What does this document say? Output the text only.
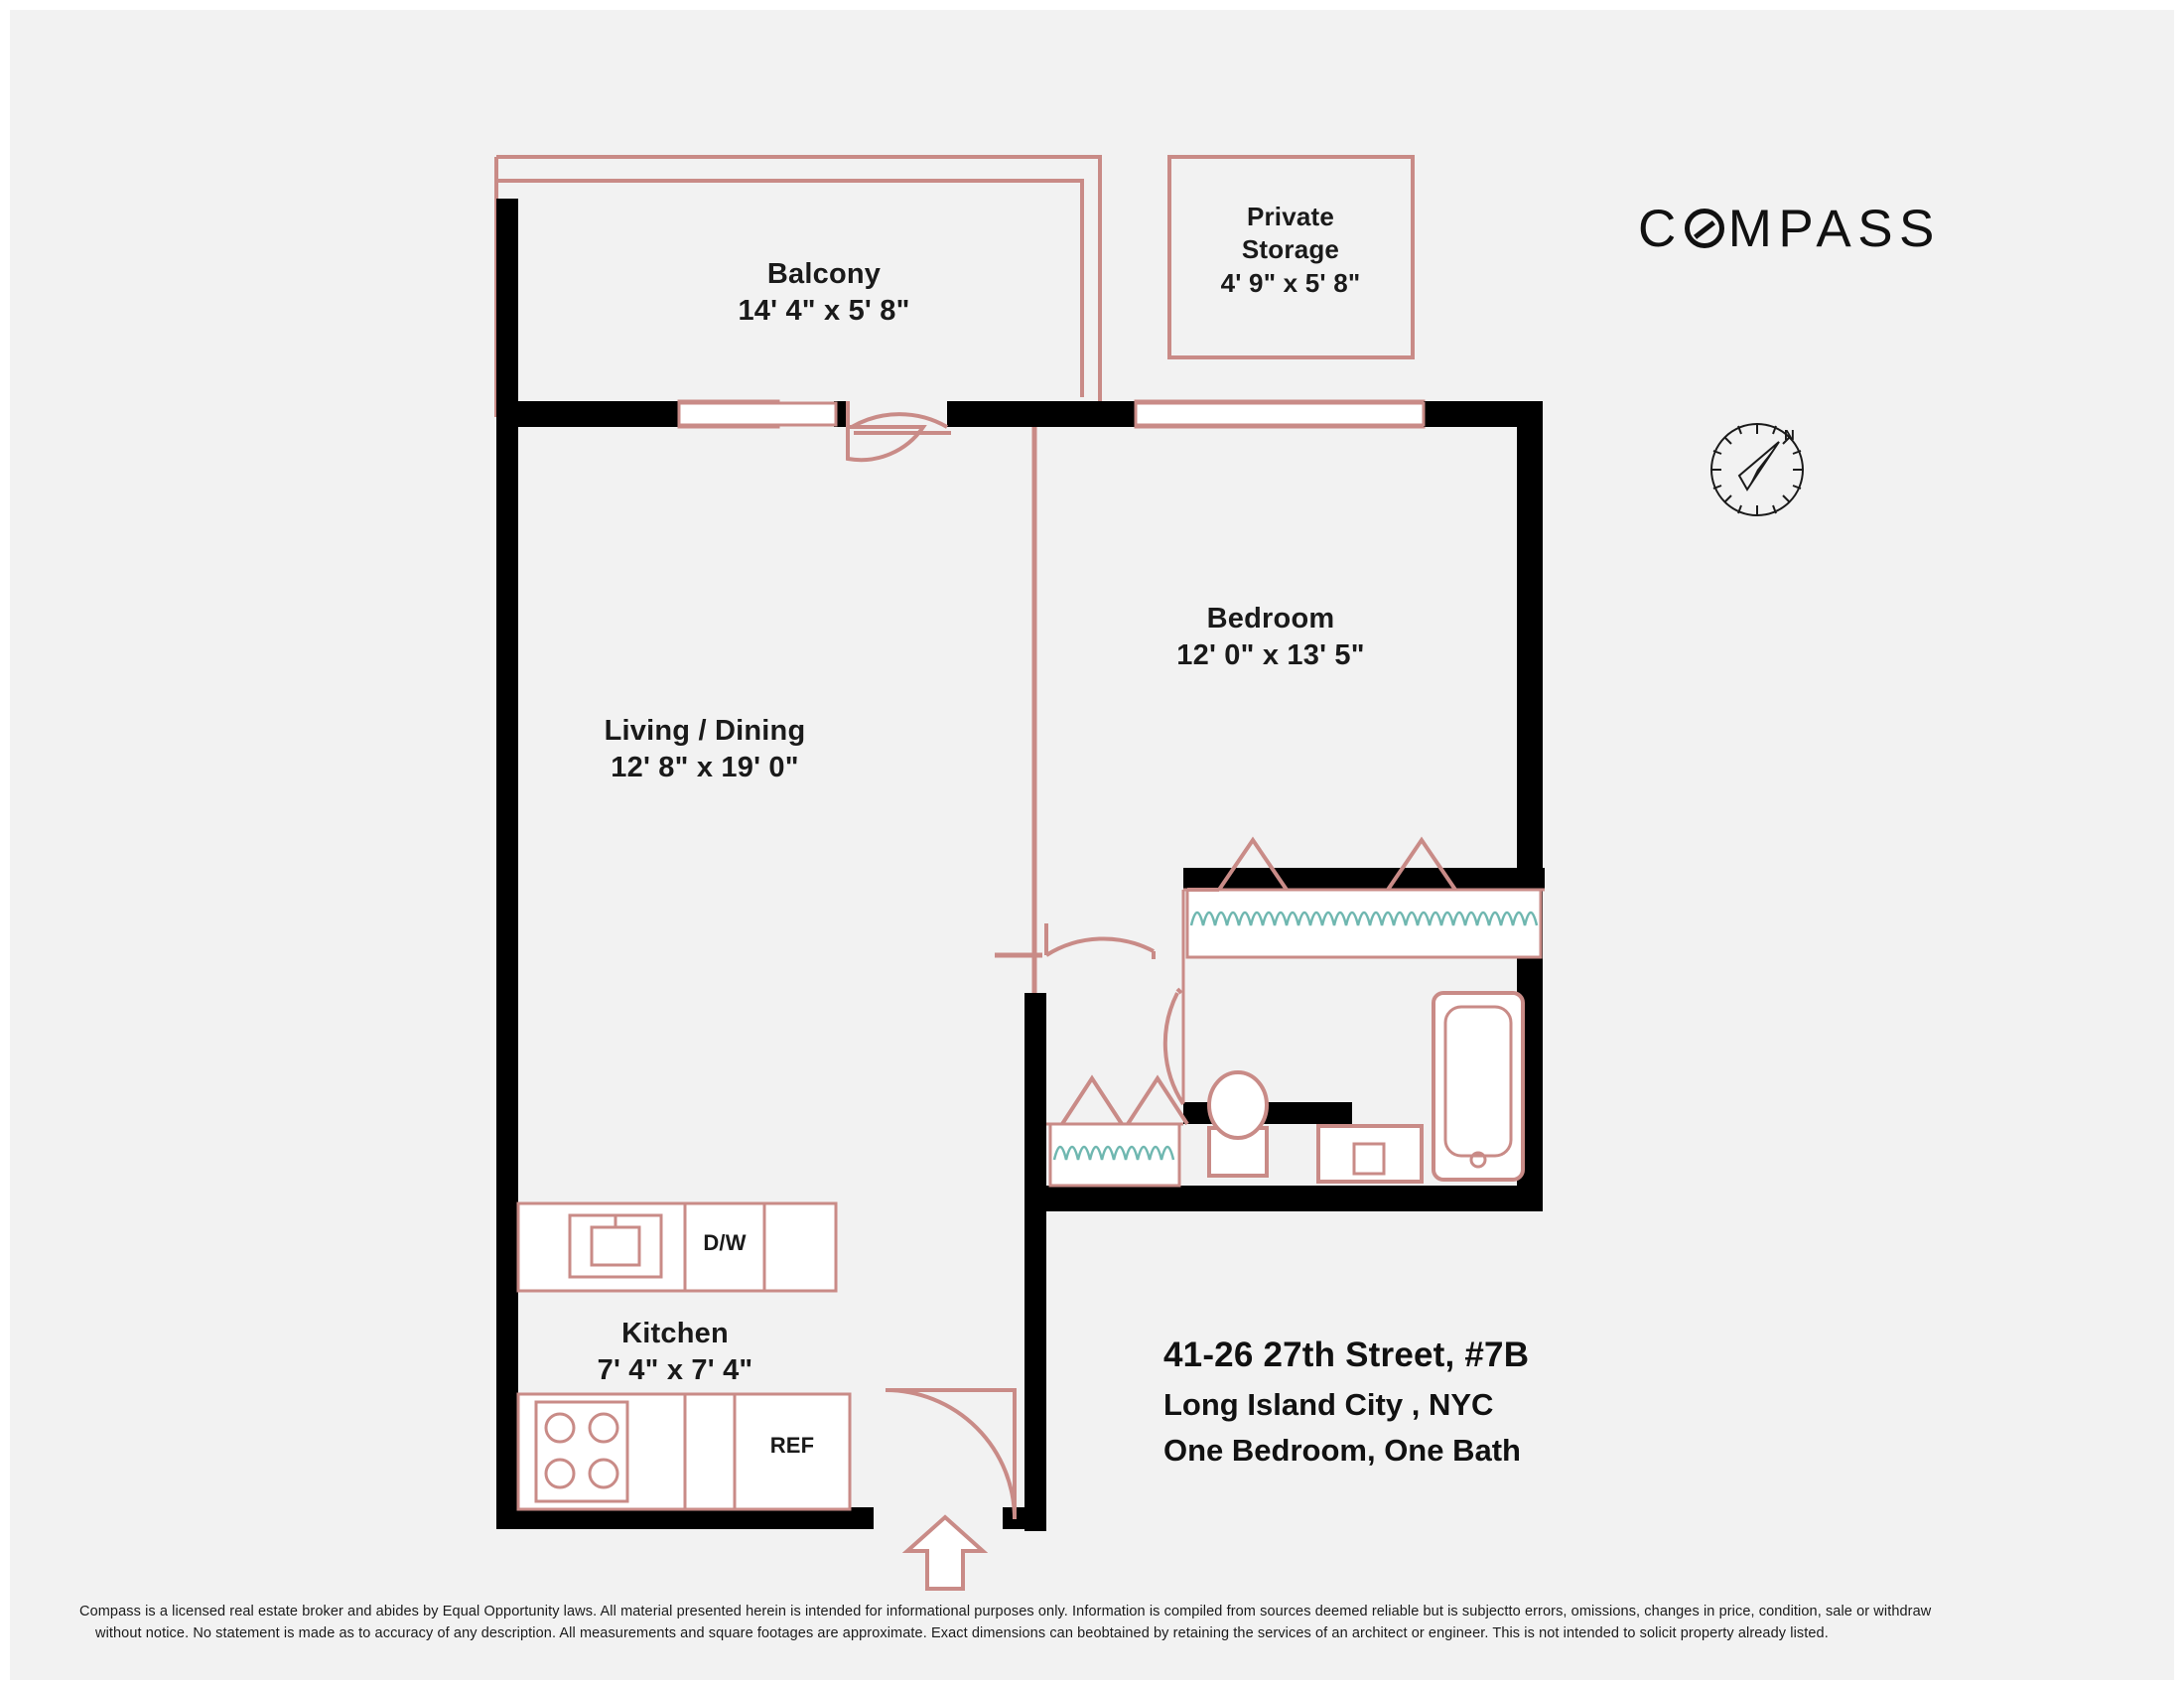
C MPASS
N
Balcony
14' 4" x 5' 8"
Private
Storage
4' 9" x 5' 8"
Bedroom
12' 0" x 13' 5"
Living / Dining
12' 8" x 19' 0"
Kitchen
7' 4" x 7' 4"
D/W
REF
41-26 27th Street, #7B
Long Island City , NYC
One Bedroom, One Bath
Compass is a licensed real estate broker and abides by Equal Opportunity laws. All material presented herein is intended for informational purposes only. Information is compiled from sources deemed reliable but is subjectto errors, omissions, changes in price, condition, sale or withdraw
without notice. No statement is made as to accuracy of any description. All measurements and square footages are approximate. Exact dimensions can beobtained by retaining the services of an architect or engineer. This is not intended to solicit property already listed.
